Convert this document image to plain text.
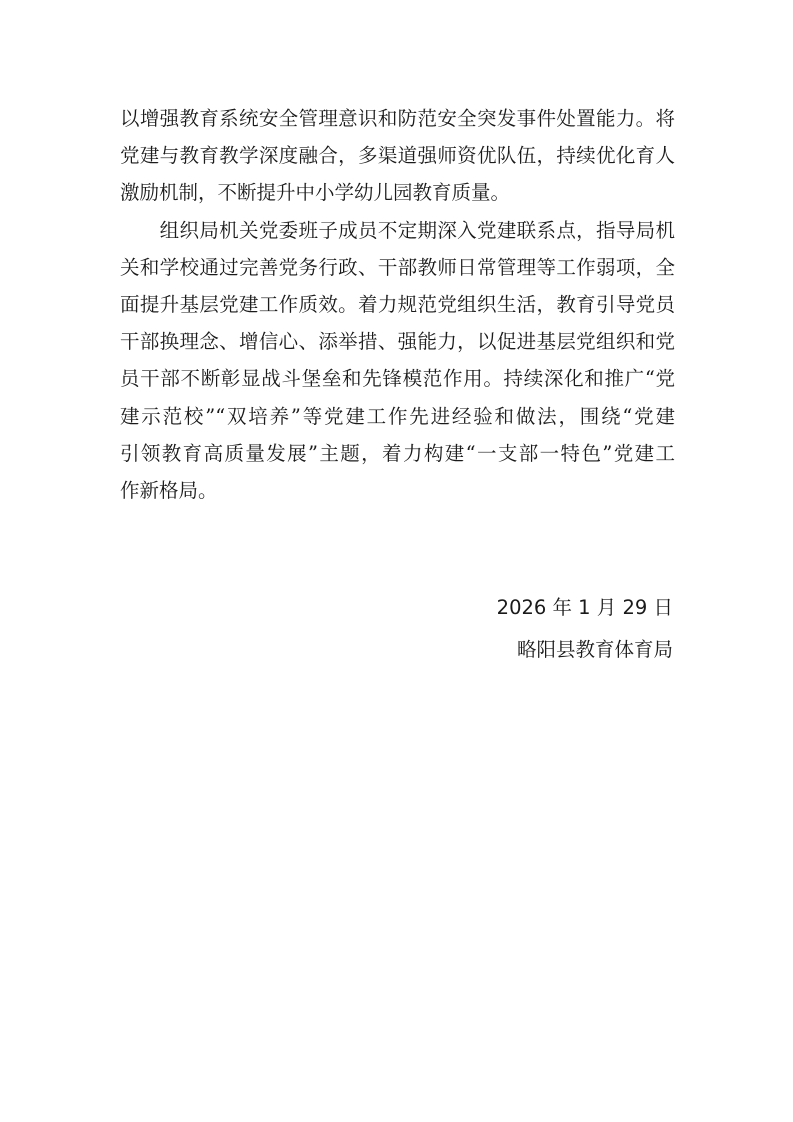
以增强教育系统安全管理意识和防范安全突发事件处置能力。将
党建与教育教学深度融合，多渠道强师资优队伍，持续优化育人
激励机制，不断提升中小学幼儿园教育质量。
　　组织局机关党委班子成员不定期深入党建联系点，指导局机
关和学校通过完善党务行政、干部教师日常管理等工作弱项，全
面提升基层党建工作质效。着力规范党组织生活，教育引导党员
干部换理念、增信心、添举措、强能力，以促进基层党组织和党
员干部不断彰显战斗堡垒和先锋模范作用。持续深化和推广“党
建示范校”“双培养”等党建工作先进经验和做法，围绕“党建
引领教育高质量发展”主题，着力构建“一支部一特色”党建工
作新格局。
2026 年 1 月 29 日
略阳县教育体育局
